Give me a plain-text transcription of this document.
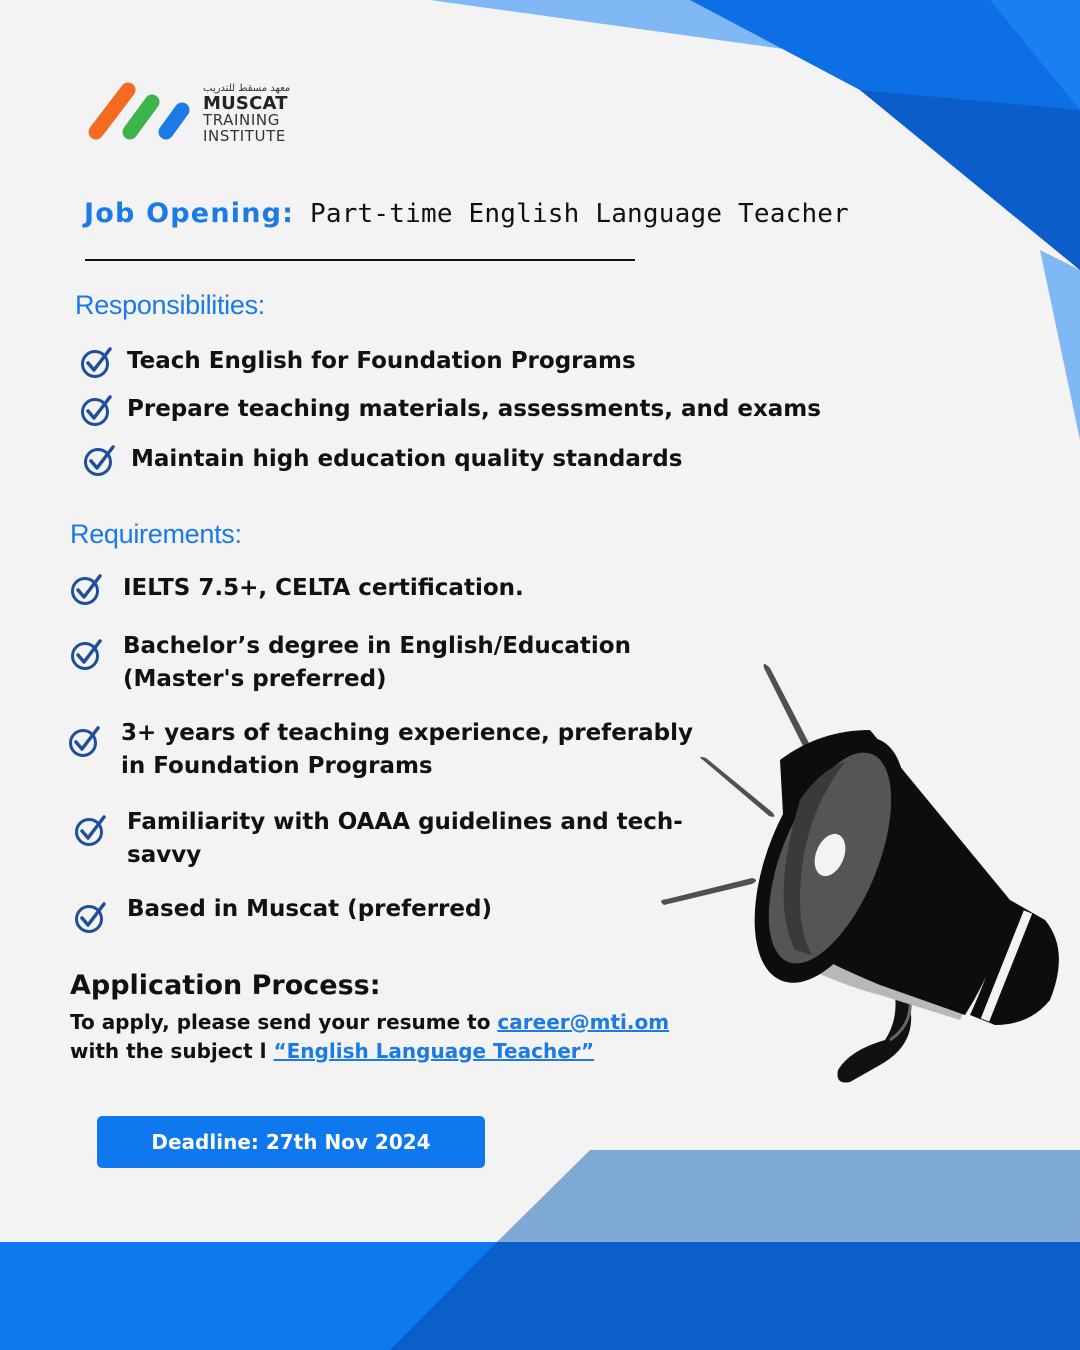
معهد مسقط للتدريب
MUSCAT
TRAINING
INSTITUTE
Job Opening: Part-time English Language Teacher
Responsibilities:
Teach English for Foundation Programs
Prepare teaching materials, assessments, and exams
Maintain high education quality standards
Requirements:
IELTS 7.5+, CELTA certification.
Bachelor’s degree in English/Education
(Master's preferred)
3+ years of teaching experience, preferably
in Foundation Programs
Familiarity with OAAA guidelines and tech-
savvy
Based in Muscat (preferred)
Application Process:
To apply, please send your resume to career@mti.om with the subject l “English Language Teacher”
Deadline: 27th Nov 2024
